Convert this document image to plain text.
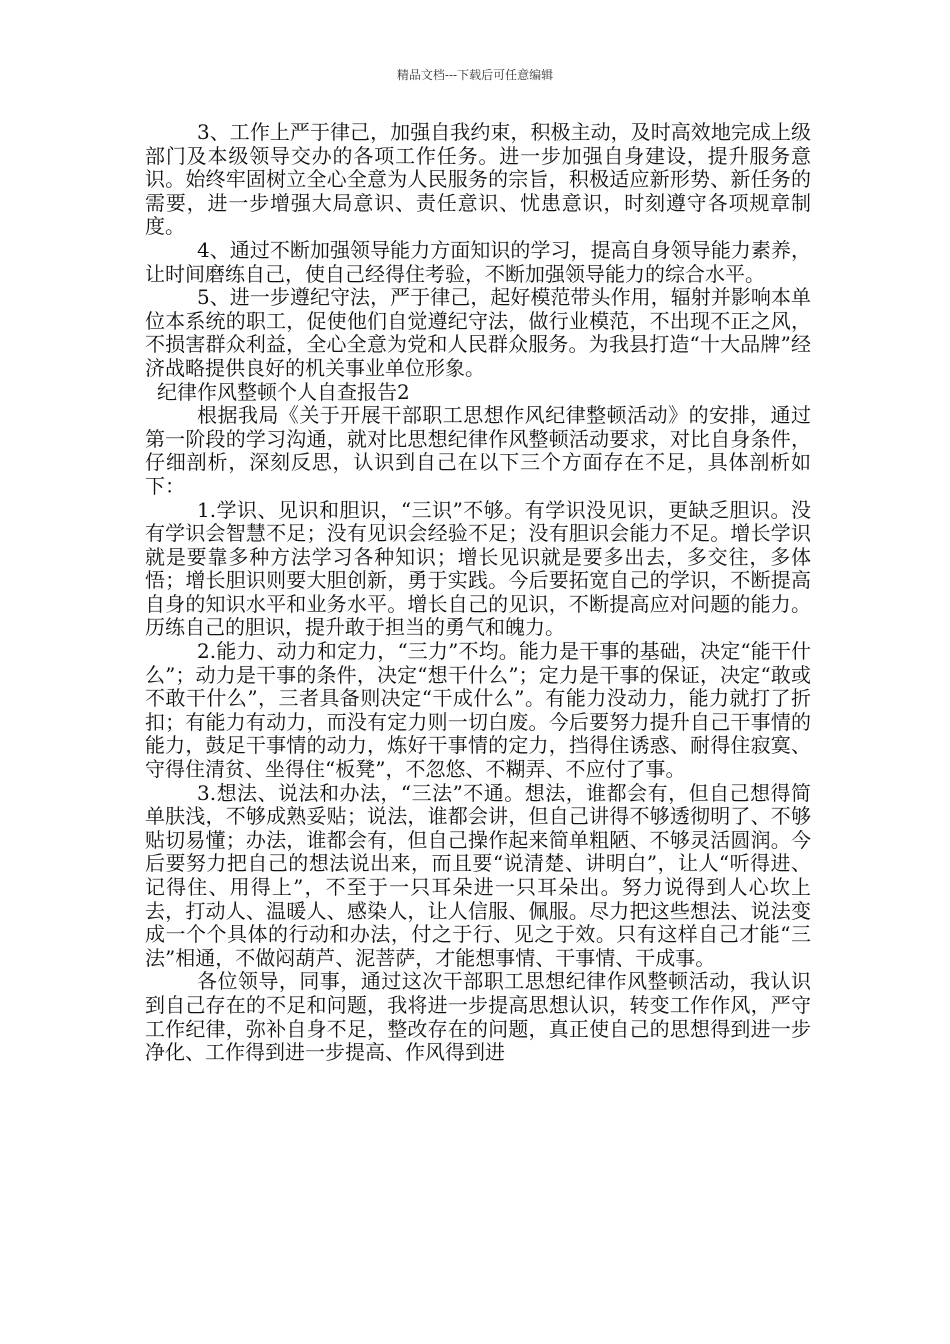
精品文档---下载后可任意编辑

3、工作上严于律己，加强自我约束，积极主动，及时高效地完成上级部门及本级领导交办的各项工作任务。进一步加强自身建设，提升服务意识。始终牢固树立全心全意为人民服务的宗旨，积极适应新形势、新任务的需要，进一步增强大局意识、责任意识、忧患意识，时刻遵守各项规章制度。

4、通过不断加强领导能力方面知识的学习，提高自身领导能力素养，让时间磨练自己，使自己经得住考验，不断加强领导能力的综合水平。

5、进一步遵纪守法，严于律己，起好模范带头作用，辐射并影响本单位本系统的职工，促使他们自觉遵纪守法，做行业模范，不出现不正之风，不损害群众利益，全心全意为党和人民群众服务。为我县打造“十大品牌”经济战略提供良好的机关事业单位形象。

纪律作风整顿个人自查报告2

根据我局《关于开展干部职工思想作风纪律整顿活动》的安排，通过第一阶段的学习沟通，就对比思想纪律作风整顿活动要求，对比自身条件，仔细剖析，深刻反思，认识到自己在以下三个方面存在不足，具体剖析如下：

1.学识、见识和胆识，“三识”不够。有学识没见识，更缺乏胆识。没有学识会智慧不足；没有见识会经验不足；没有胆识会能力不足。增长学识就是要靠多种方法学习各种知识；增长见识就是要多出去，多交往，多体悟；增长胆识则要大胆创新，勇于实践。今后要拓宽自己的学识，不断提高自身的知识水平和业务水平。增长自己的见识，不断提高应对问题的能力。历练自己的胆识，提升敢于担当的勇气和魄力。

2.能力、动力和定力，“三力”不均。能力是干事的基础，决定“能干什么”；动力是干事的条件，决定“想干什么”；定力是干事的保证，决定“敢或不敢干什么”，三者具备则决定“干成什么”。有能力没动力，能力就打了折扣；有能力有动力，而没有定力则一切白废。今后要努力提升自己干事情的能力，鼓足干事情的动力，炼好干事情的定力，挡得住诱惑、耐得住寂寞、守得住清贫、坐得住“板凳”，不忽悠、不糊弄、不应付了事。

3.想法、说法和办法，“三法”不通。想法，谁都会有，但自己想得简单肤浅，不够成熟妥贴；说法，谁都会讲，但自己讲得不够透彻明了、不够贴切易懂；办法，谁都会有，但自己操作起来简单粗陋、不够灵活圆润。今后要努力把自己的想法说出来，而且要“说清楚、讲明白”，让人“听得进、记得住、用得上”，不至于一只耳朵进一只耳朵出。努力说得到人心坎上去，打动人、温暖人、感染人，让人信服、佩服。尽力把这些想法、说法变成一个个具体的行动和办法，付之于行、见之于效。只有这样自己才能“三法”相通，不做闷葫芦、泥菩萨，才能想事情、干事情、干成事。

各位领导，同事，通过这次干部职工思想纪律作风整顿活动，我认识到自己存在的不足和问题，我将进一步提高思想认识，转变工作作风，严守工作纪律，弥补自身不足，整改存在的问题，真正使自己的思想得到进一步净化、工作得到进一步提高、作风得到进
